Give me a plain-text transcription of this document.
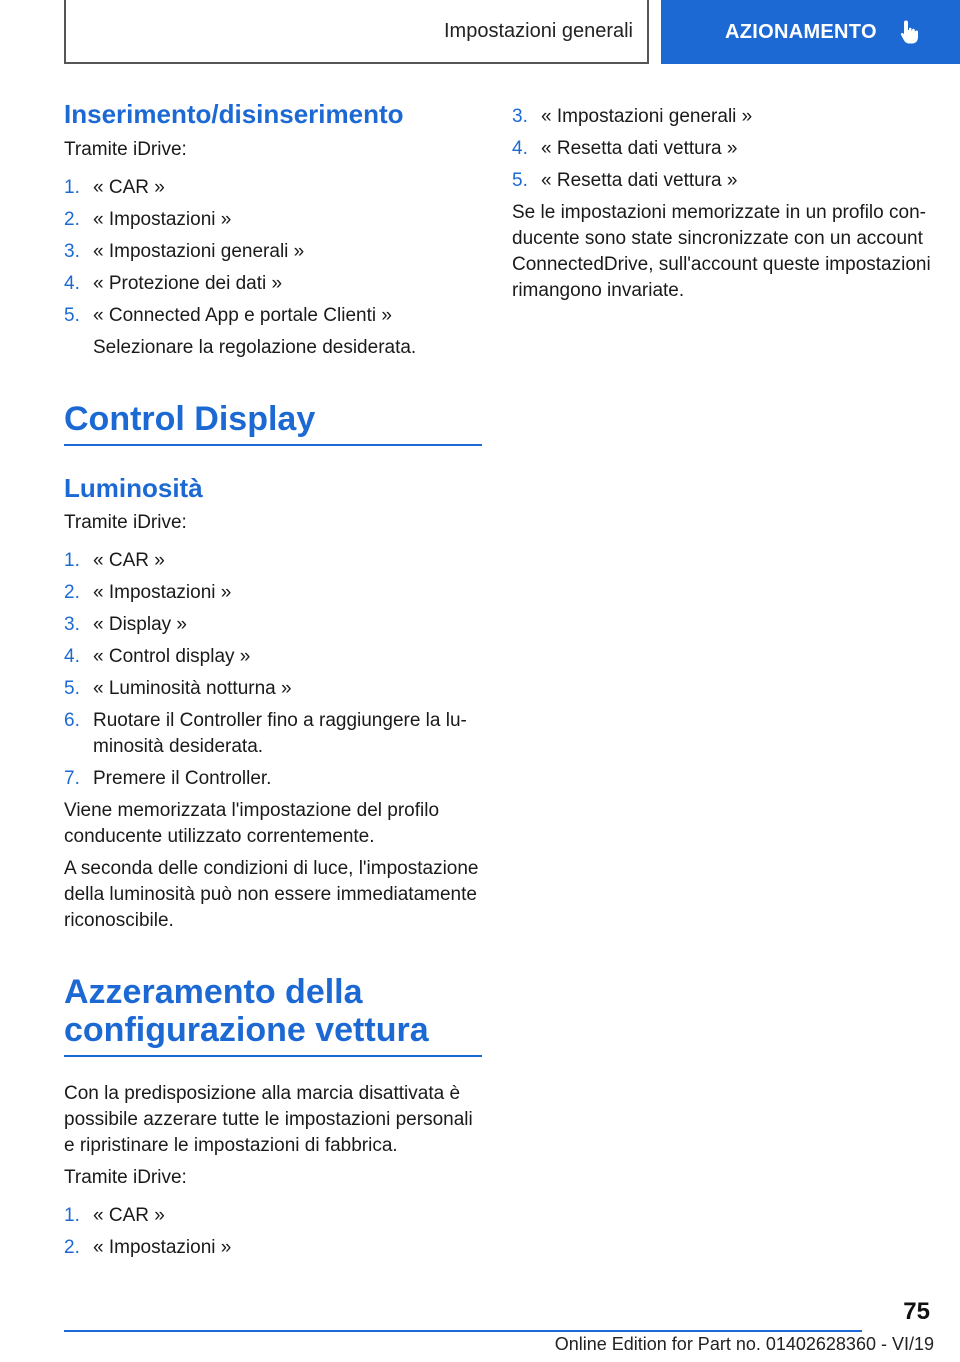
Impostazioni generali	AZIONAMENTO
Inserimento/disinserimento

Tramite iDrive:

1. « CAR »
2. « Impostazioni »
3. « Impostazioni generali »
4. « Protezione dei dati »
5. « Connected App e portale Clienti »

Selezionare la regolazione desiderata.

Control Display
Luminosità

Tramite iDrive:

1. « CAR »
2. « Impostazioni »
3. « Display »
4. « Control display »
5. « Luminosità notturna »
6. Ruotare il Controller fino a raggiungere la luminosità desiderata.
7. Premere il Controller.

Viene memorizzata l'impostazione del profilo conducente utilizzato correntemente.

A seconda delle condizioni di luce, l'impostazione della luminosità può non essere immediatamente riconoscibile.

Azzeramento della configurazione vettura

Con la predisposizione alla marcia disattivata è possibile azzerare tutte le impostazioni personali e ripristinare le impostazioni di fabbrica.

Tramite iDrive:

1. « CAR »
2. « Impostazioni »
3. « Impostazioni generali »
4. « Resetta dati vettura »
5. « Resetta dati vettura »

Se le impostazioni memorizzate in un profilo conducente sono state sincronizzate con un account ConnectedDrive, sull'account queste impostazioni rimangono invariate.

75
Online Edition for Part no. 01402628360 - VI/19
